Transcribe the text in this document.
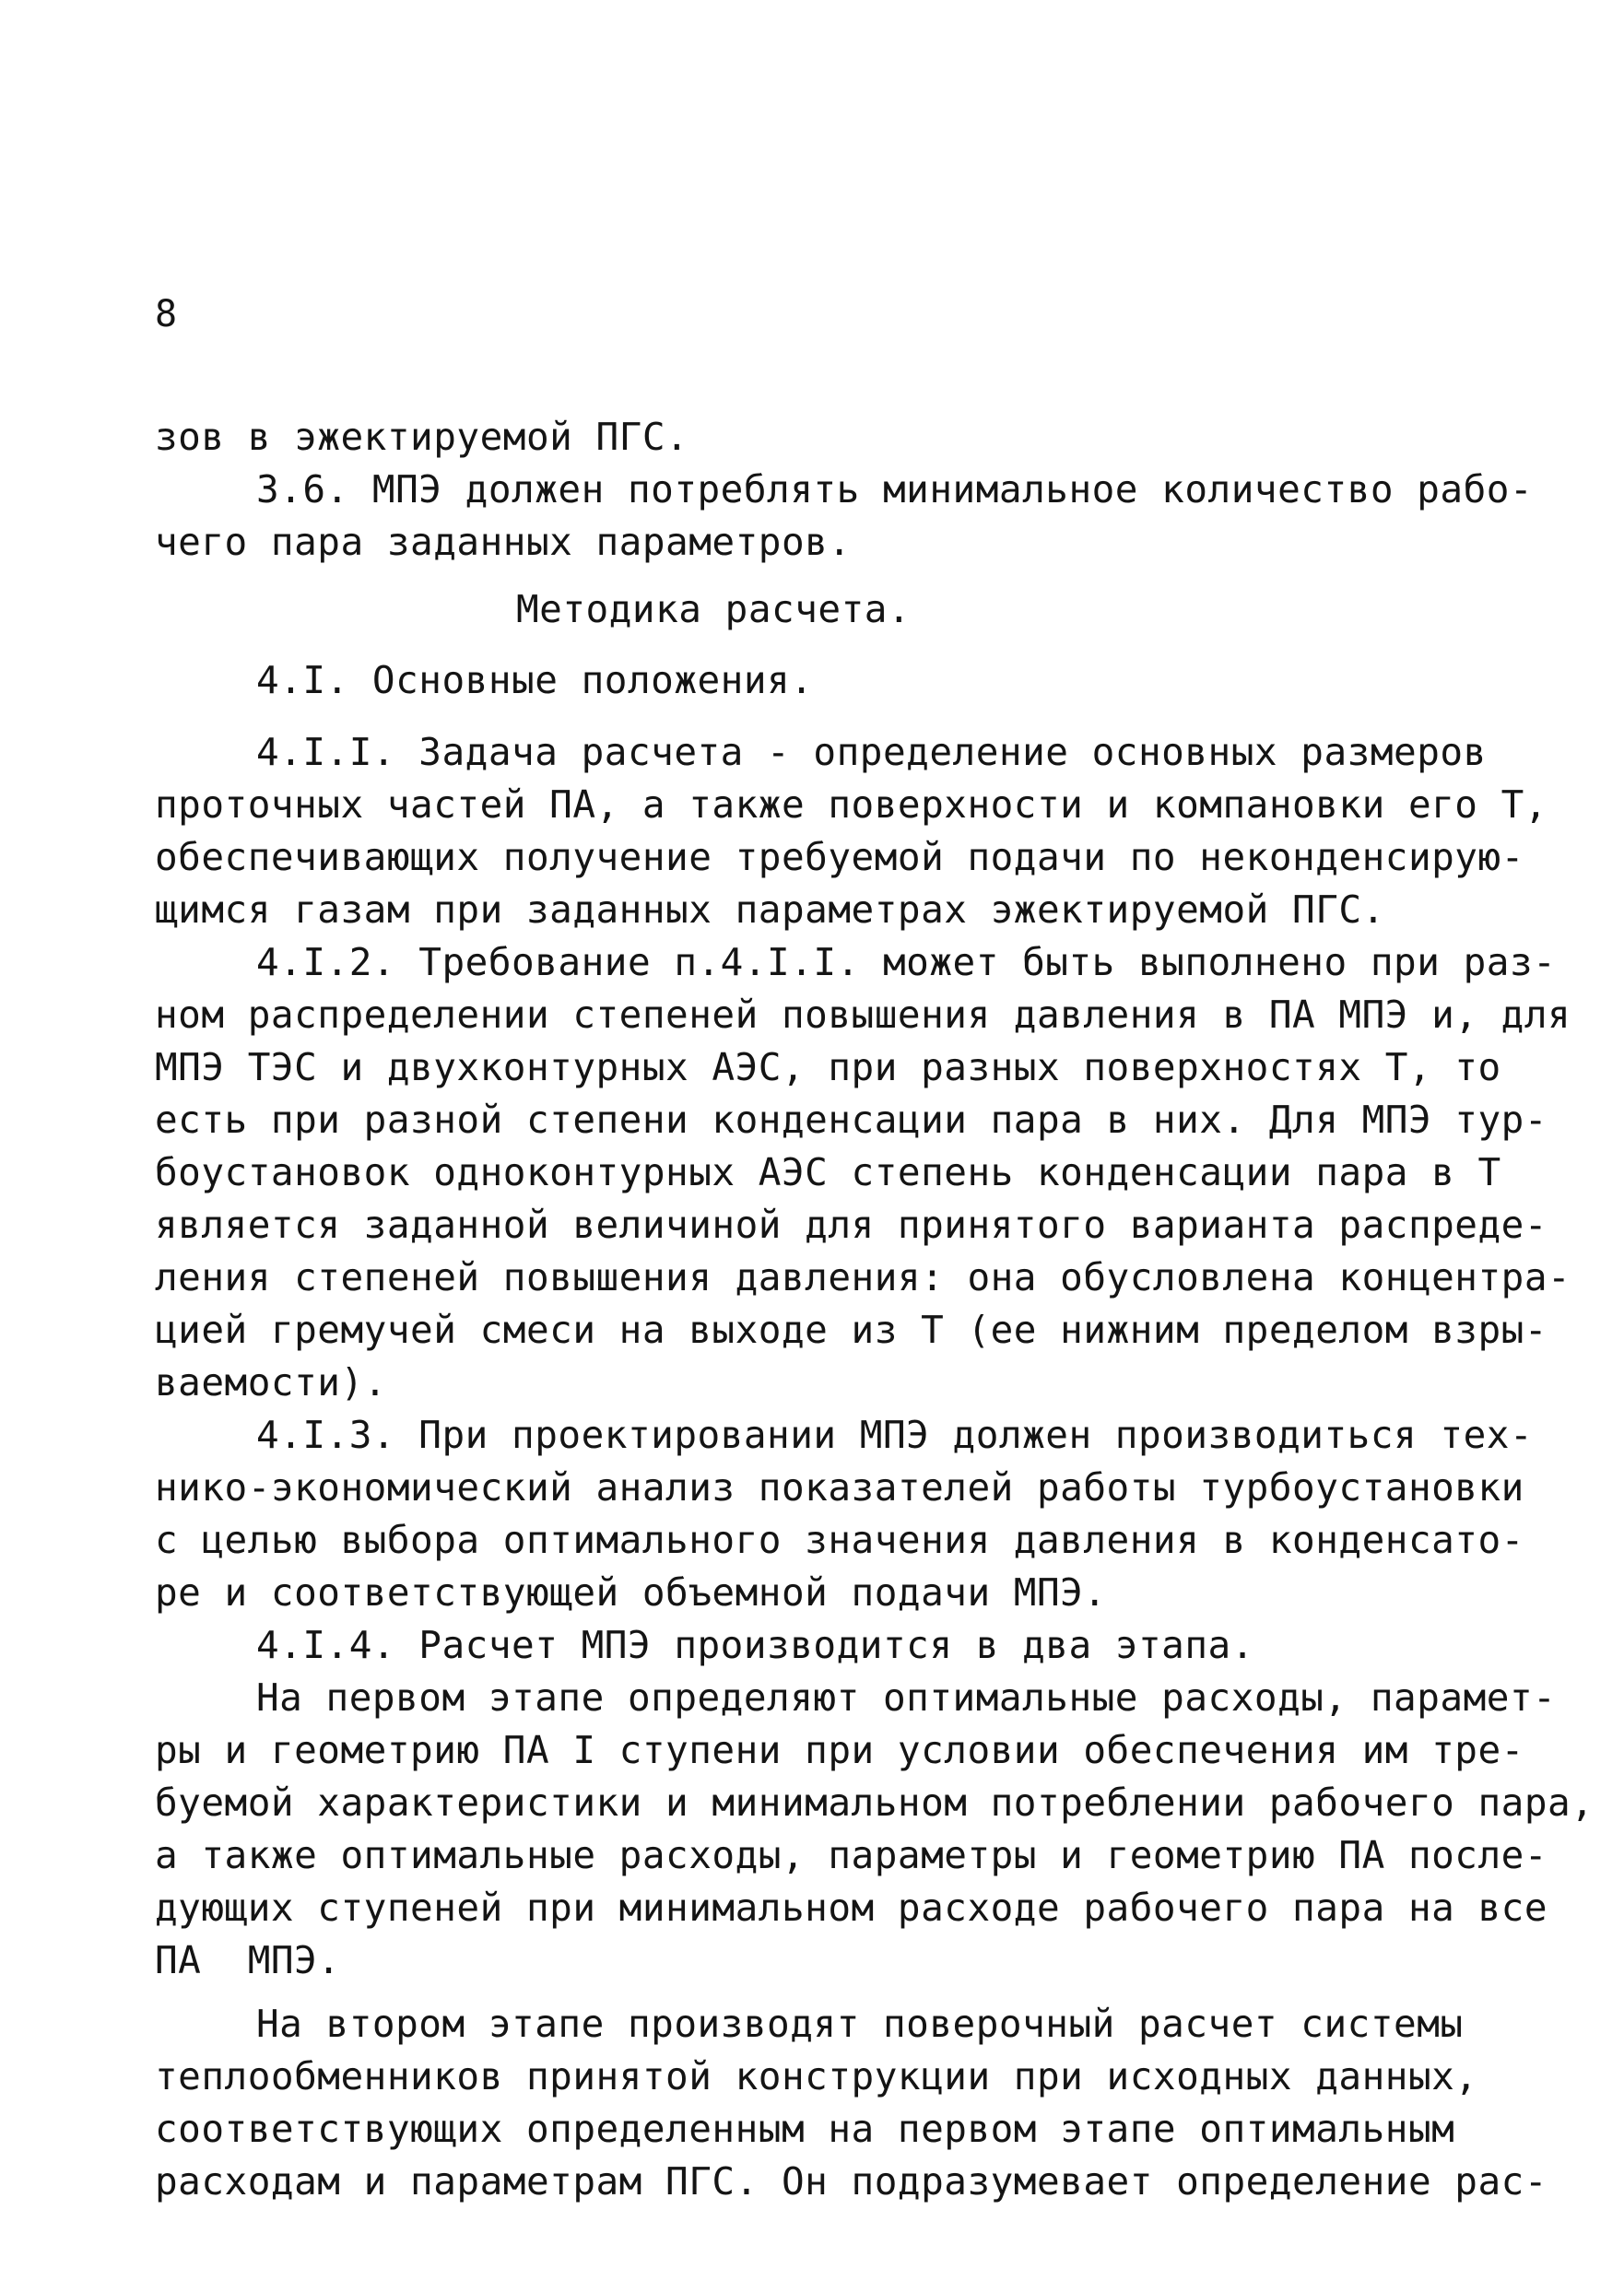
8
зов в эжектируемой ПГС.
3.6. МПЭ должен потреблять минимальное количество рабо-
чего пара заданных параметров.
Методика расчета.
4.I. Основные положения.
4.I.I. Задача расчета - определение основных размеров
проточных частей ПА, а также поверхности и компановки его Т,
обеспечивающих получение требуемой подачи по неконденсирую-
щимся газам при заданных параметрах эжектируемой ПГС.
4.I.2. Требование п.4.I.I. может быть выполнено при раз-
ном распределении степеней повышения давления в ПА МПЭ и, для
МПЭ ТЭС и двухконтурных АЭС, при разных поверхностях Т, то
есть при разной степени конденсации пара в них. Для МПЭ тур-
боустановок одноконтурных АЭС степень конденсации пара в Т
является заданной величиной для принятого варианта распреде-
ления степеней повышения давления: она обусловлена концентра-
цией гремучей смеси на выходе из Т (ее нижним пределом взры-
ваемости).
4.I.3. При проектировании МПЭ должен производиться тех-
нико-экономический анализ показателей работы турбоустановки
с целью выбора оптимального значения давления в конденсато-
ре и соответствующей объемной подачи МПЭ.
4.I.4. Расчет МПЭ производится в два этапа.
На первом этапе определяют оптимальные расходы, парамет-
ры и геометрию ПА I ступени при условии обеспечения им тре-
буемой характеристики и минимальном потреблении рабочего пара,
а также оптимальные расходы, параметры и геометрию ПА после-
дующих ступеней при минимальном расходе рабочего пара на все
ПА  МПЭ.
На втором этапе производят поверочный расчет системы
теплообменников принятой конструкции при исходных данных,
соответствующих определенным на первом этапе оптимальным
расходам и параметрам ПГС. Он подразумевает определение рас-
